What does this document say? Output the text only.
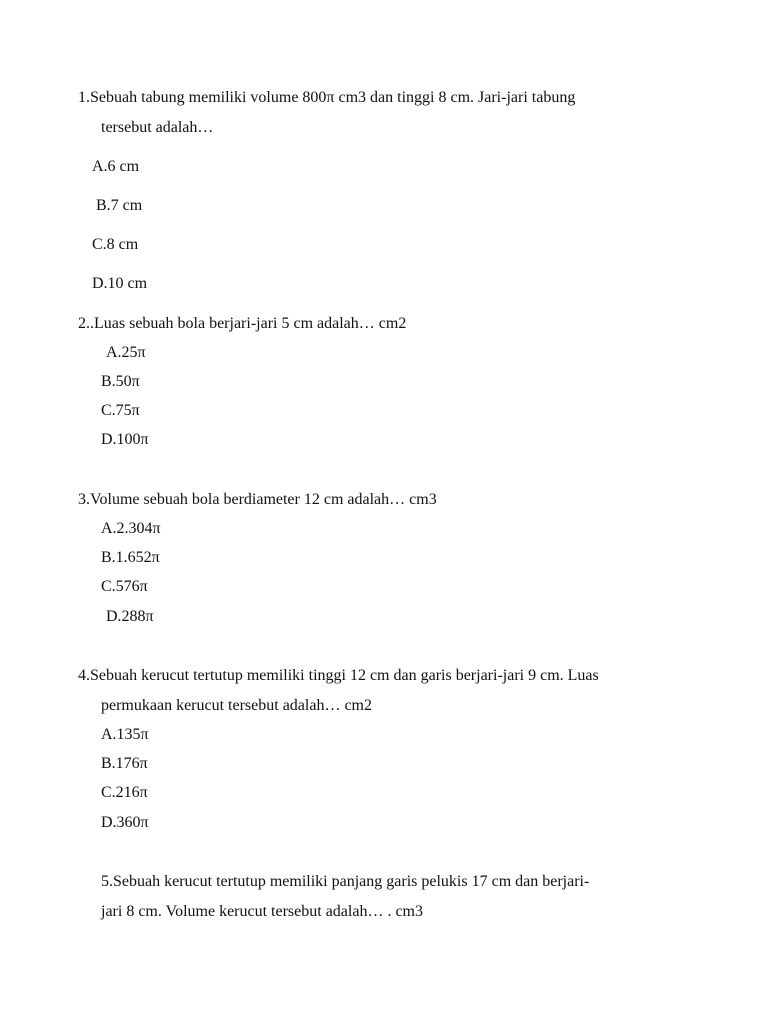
1.Sebuah tabung memiliki volume 800π cm3 dan tinggi 8 cm. Jari-jari tabung

tersebut adalah…

A.6 cm

B.7 cm

C.8 cm

D.10 cm

2..Luas sebuah bola berjari-jari 5 cm adalah… cm2

A.25π

B.50π

C.75π

D.100π

3.Volume sebuah bola berdiameter 12 cm adalah… cm3

A.2.304π

B.1.652π

C.576π

D.288π

4.Sebuah kerucut tertutup memiliki tinggi 12 cm dan garis berjari-jari 9 cm. Luas

permukaan kerucut tersebut adalah… cm2

A.135π

B.176π

C.216π

D.360π

5.Sebuah kerucut tertutup memiliki panjang garis pelukis 17 cm dan berjari-

jari 8 cm. Volume kerucut tersebut adalah… . cm3
